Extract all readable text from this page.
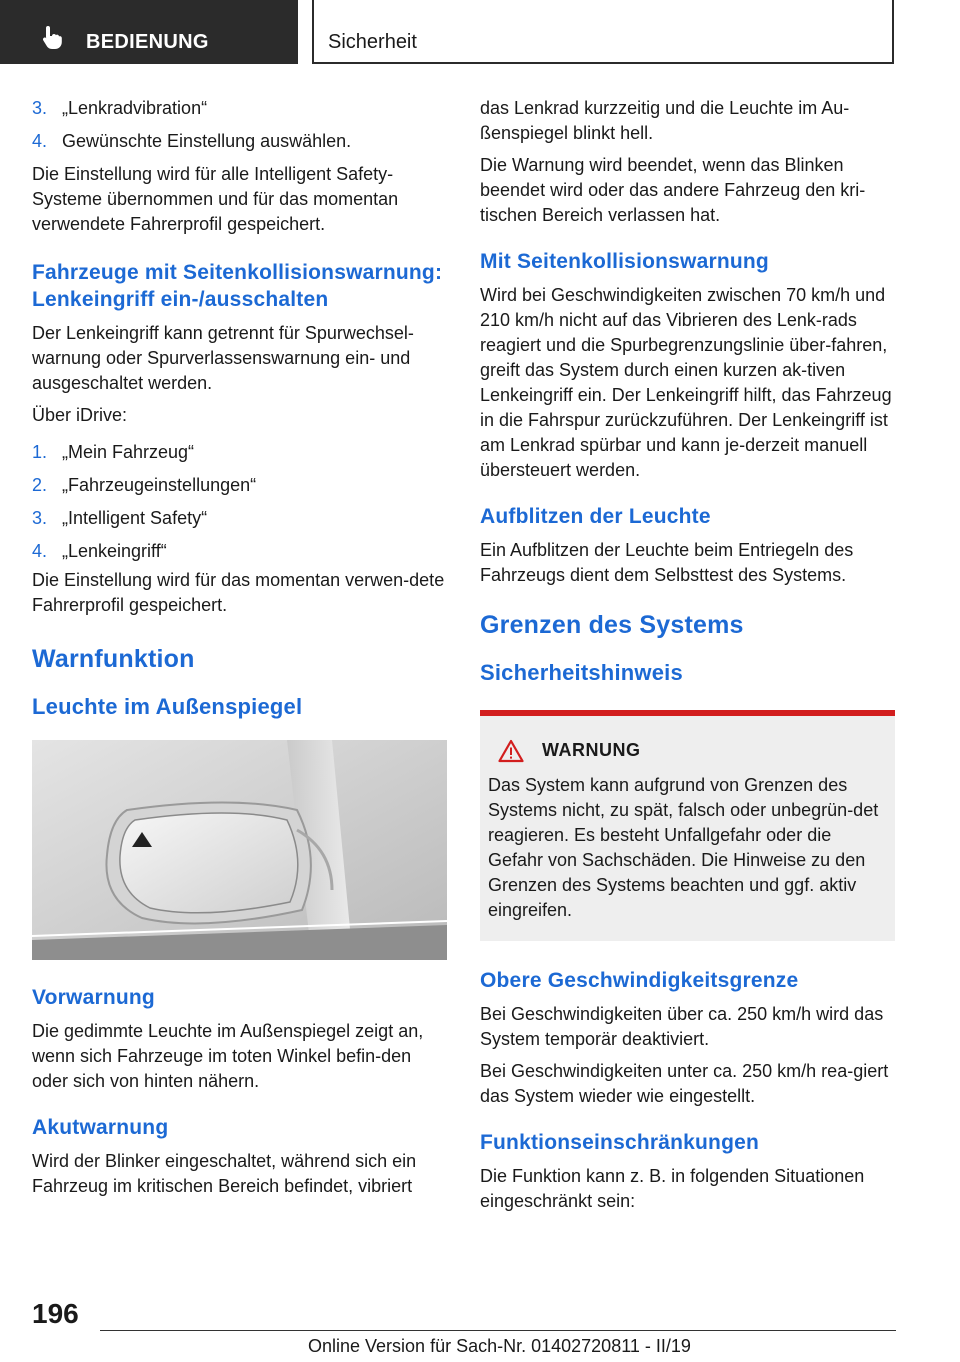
BEDIENUNG	Sicherheit
3. „Lenkradvibration“
4. Gewünschte Einstellung auswählen.

Die Einstellung wird für alle Intelligent Safety-Systeme übernommen und für das momentan verwendete Fahrerprofil gespeichert.

Fahrzeuge mit Seitenkollisionswarnung: Lenkeingriff ein-/ausschalten

Der Lenkeingriff kann getrennt für Spurwechsel-warnung oder Spurverlassenswarnung ein- und ausgeschaltet werden.

Über iDrive:

1. „Mein Fahrzeug“
2. „Fahrzeugeinstellungen“
3. „Intelligent Safety“
4. „Lenkeingriff“

Die Einstellung wird für das momentan verwen-dete Fahrerprofil gespeichert.

Warnfunktion
Leuchte im Außenspiegel
Vorwarnung

Die gedimmte Leuchte im Außenspiegel zeigt an, wenn sich Fahrzeuge im toten Winkel befin-den oder sich von hinten nähern.

Akutwarnung

Wird der Blinker eingeschaltet, während sich ein Fahrzeug im kritischen Bereich befindet, vibriert

das Lenkrad kurzzeitig und die Leuchte im Au-ßenspiegel blinkt hell.

Die Warnung wird beendet, wenn das Blinken beendet wird oder das andere Fahrzeug den kri-tischen Bereich verlassen hat.

Mit Seitenkollisionswarnung

Wird bei Geschwindigkeiten zwischen 70 km/h und 210 km/h nicht auf das Vibrieren des Lenk-rads reagiert und die Spurbegrenzungslinie über-fahren, greift das System durch einen kurzen ak-tiven Lenkeingriff ein. Der Lenkeingriff hilft, das Fahrzeug in die Fahrspur zurückzuführen. Der Lenkeingriff ist am Lenkrad spürbar und kann je-derzeit manuell übersteuert werden.

Aufblitzen der Leuchte

Ein Aufblitzen der Leuchte beim Entriegeln des Fahrzeugs dient dem Selbsttest des Systems.

Grenzen des Systems
Sicherheitshinweis
WARNUNG

Das System kann aufgrund von Grenzen des Systems nicht, zu spät, falsch oder unbegrün-det reagieren. Es besteht Unfallgefahr oder die Gefahr von Sachschäden. Die Hinweise zu den Grenzen des Systems beachten und ggf. aktiv eingreifen.

Obere Geschwindigkeitsgrenze

Bei Geschwindigkeiten über ca. 250 km/h wird das System temporär deaktiviert.

Bei Geschwindigkeiten unter ca. 250 km/h rea-giert das System wieder wie eingestellt.

Funktionseinschränkungen

Die Funktion kann z. B. in folgenden Situationen eingeschränkt sein:

196
Online Version für Sach-Nr. 01402720811 - II/19
